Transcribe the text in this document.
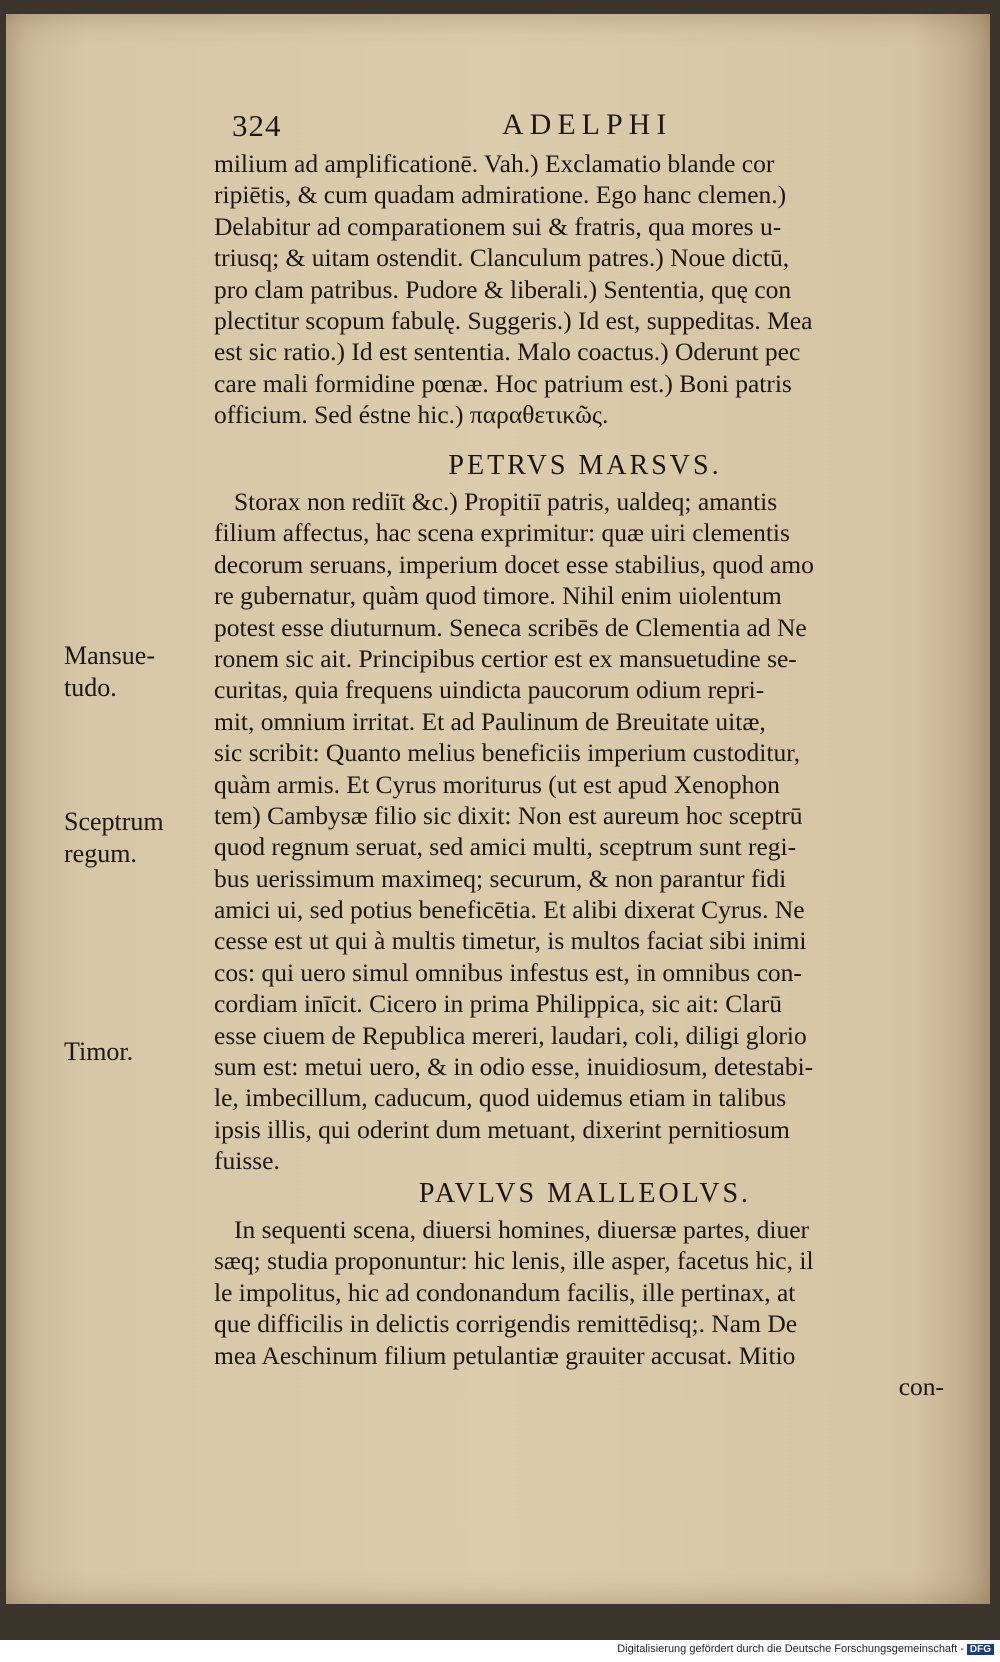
324	ADELPHI
milium ad amplificationē. Vah.) Exclamatio blande cor
ripiētis, & cum quadam admiratione. Ego hanc clemen.)
Delabitur ad comparationem sui & fratris, qua mores u-
triusq; & uitam ostendit. Clanculum patres.) Noue dictū,
pro clam patribus. Pudore & liberali.) Sententia, quę con
plectitur scopum fabulę. Suggeris.) Id est, suppeditas. Mea
est sic ratio.) Id est sententia. Malo coactus.) Oderunt pec
care mali formidine pœnæ. Hoc patrium est.) Boni patris
officium. Sed éstne hic.) παραθετικῶς.
PETRVS MARSVS.
Storax non rediīt &c.) Propitiī patris, ualdeq; amantis
filium affectus, hac scena exprimitur: quæ uiri clementis
decorum seruans, imperium docet esse stabilius, quod amo
re gubernatur, quàm quod timore. Nihil enim uiolentum
potest esse diuturnum. Seneca scribēs de Clementia ad Ne
ronem sic ait. Principibus certior est ex mansuetudine se-
curitas, quia frequens uindicta paucorum odium repri-
mit, omnium irritat. Et ad Paulinum de Breuitate uitæ,
sic scribit: Quanto melius beneficiis imperium custoditur,
quàm armis. Et Cyrus moriturus (ut est apud Xenophon
tem) Cambysæ filio sic dixit: Non est aureum hoc sceptrū
quod regnum seruat, sed amici multi, sceptrum sunt regi-
bus uerissimum maximeq; securum, & non parantur fidi
amici ui, sed potius beneficētia. Et alibi dixerat Cyrus. Ne
cesse est ut qui à multis timetur, is multos faciat sibi inimi
cos: qui uero simul omnibus infestus est, in omnibus con-
cordiam inīcit. Cicero in prima Philippica, sic ait: Clarū
esse ciuem de Republica mereri, laudari, coli, diligi glorio
sum est: metui uero, & in odio esse, inuidiosum, detestabi-
le, imbecillum, caducum, quod uidemus etiam in talibus
ipsis illis, qui oderint dum metuant, dixerint pernitiosum
fuisse.
PAVLVS MALLEOLVS.
In sequenti scena, diuersi homines, diuersæ partes, diuer
sæq; studia proponuntur: hic lenis, ille asper, facetus hic, il
le impolitus, hic ad condonandum facilis, ille pertinax, at
que difficilis in delictis corrigendis remittēdisq;. Nam De
mea Aeschinum filium petulantiæ grauiter accusat. Mitio
con-
Mansue-
tudo.
Sceptrum
regum.
Timor.
Digitalisierung gefördert durch die Deutsche Forschungsgemeinschaft - DFG
